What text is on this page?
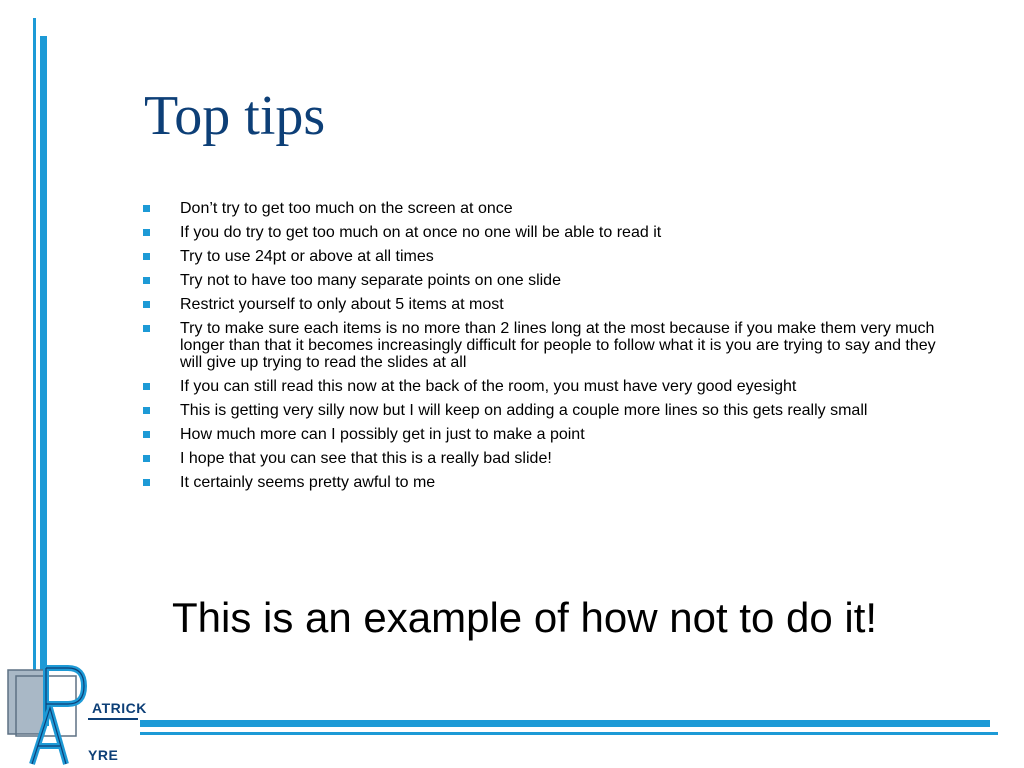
Top tips
Don’t try to get too much on the screen at once
If you do try to get too much on at once no one will be able to read it
Try to use 24pt or above at all times
Try not to have too many separate points on one slide
Restrict yourself to only about 5 items at most
Try to make sure each items is no more than 2 lines long at the most because if you make them very much longer than that it becomes increasingly difficult for people to follow what it is you are trying to say and they will give up trying to read the slides at all
If you can still read this now at the back of the room, you must have very good eyesight
This is getting very silly now but I will keep on adding a couple more lines so this gets really small
How much more can I possibly get in just to make a point
I hope that you can see that this is a really bad slide!
It certainly seems pretty awful to me

This is an example of how not to do it!

ATRICK
YRE
